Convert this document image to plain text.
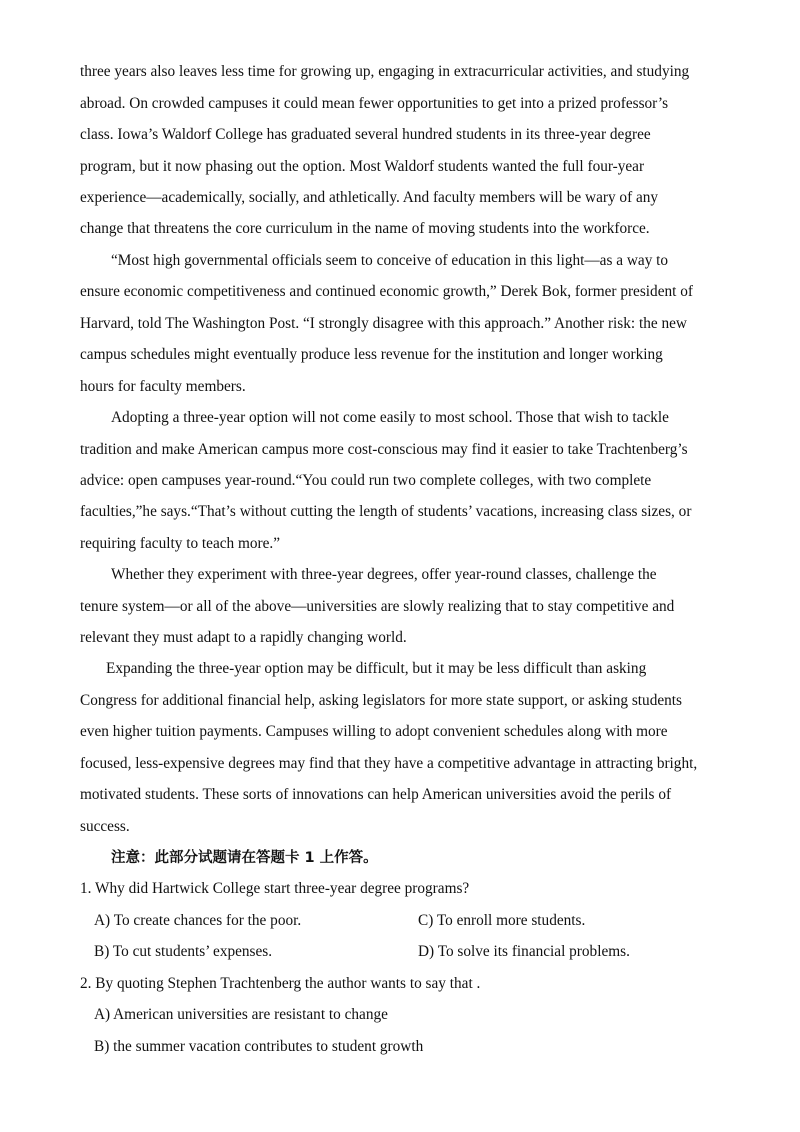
three years also leaves less time for growing up, engaging in extracurricular activities, and studying
abroad. On crowded campuses it could mean fewer opportunities to get into a prized professor’s
class. Iowa’s Waldorf College has graduated several hundred students in its three-year degree
program, but it now phasing out the option. Most Waldorf students wanted the full four-year
experience—academically, socially, and athletically. And faculty members will be wary of any
change that threatens the core curriculum in the name of moving students into the workforce.
“Most high governmental officials seem to conceive of education in this light—as a way to
ensure economic competitiveness and continued economic growth,” Derek Bok, former president of
Harvard, told The Washington Post. “I strongly disagree with this approach.” Another risk: the new
campus schedules might eventually produce less revenue for the institution and longer working
hours for faculty members.
Adopting a three-year option will not come easily to most school. Those that wish to tackle
tradition and make American campus more cost-conscious may find it easier to take Trachtenberg’s
advice: open campuses year-round.“You could run two complete colleges, with two complete
faculties,”he says.“That’s without cutting the length of students’ vacations, increasing class sizes, or
requiring faculty to teach more.”
Whether they experiment with three-year degrees, offer year-round classes, challenge the
tenure system—or all of the above—universities are slowly realizing that to stay competitive and
relevant they must adapt to a rapidly changing world.
Expanding the three-year option may be difficult, but it may be less difficult than asking
Congress for additional financial help, asking legislators for more state support, or asking students
even higher tuition payments. Campuses willing to adopt convenient schedules along with more
focused, less-expensive degrees may find that they have a competitive advantage in attracting bright,
motivated students. These sorts of innovations can help American universities avoid the perils of
success.
注意：此部分试题请在答题卡 1 上作答。
1. Why did Hartwick College start three-year degree programs?
A) To create chances for the poor.	C) To enroll more students.
B) To cut students’ expenses.	D) To solve its financial problems.
2. By quoting Stephen Trachtenberg the author wants to say that .
A) American universities are resistant to change
B) the summer vacation contributes to student growth
